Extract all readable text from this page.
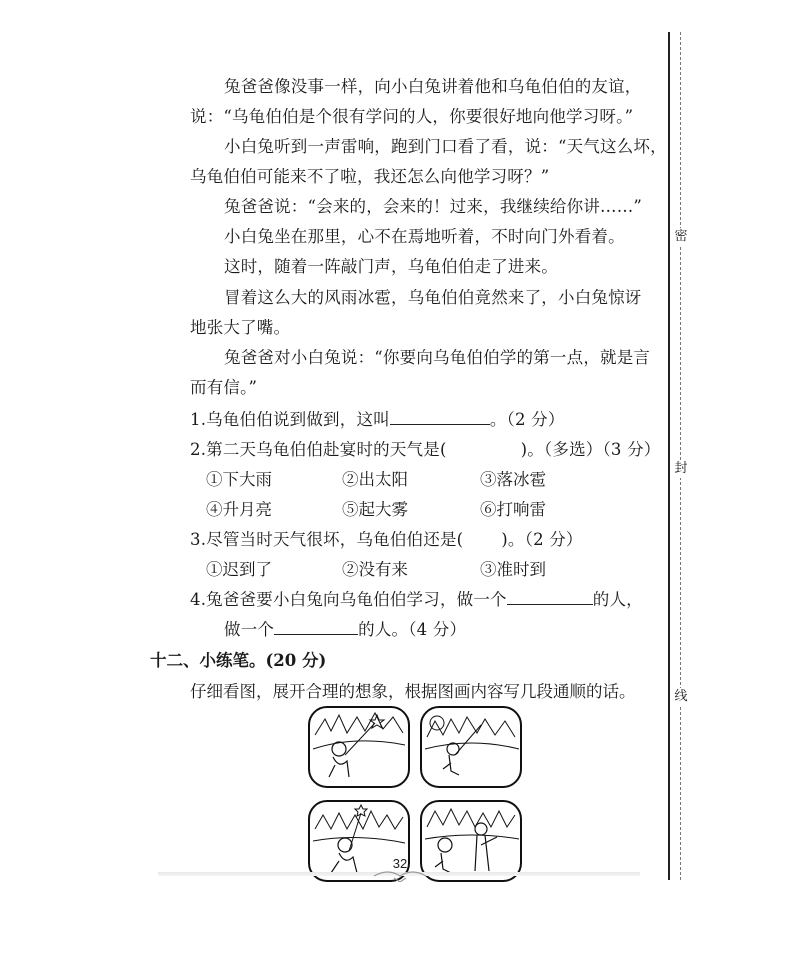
兔爸爸像没事一样，向小白兔讲着他和乌龟伯伯的友谊，
说：“乌龟伯伯是个很有学问的人，你要很好地向他学习呀。”
小白兔听到一声雷响，跑到门口看了看，说：“天气这么坏，
乌龟伯伯可能来不了啦，我还怎么向他学习呀？”
兔爸爸说：“会来的，会来的！过来，我继续给你讲……”
小白兔坐在那里，心不在焉地听着，不时向门外看着。
这时，随着一阵敲门声，乌龟伯伯走了进来。
冒着这么大的风雨冰雹，乌龟伯伯竟然来了，小白兔惊讶
地张大了嘴。
兔爸爸对小白兔说：“你要向乌龟伯伯学的第一点，就是言
而有信。”
1.乌龟伯伯说到做到，这叫	。（2 分）
2.第二天乌龟伯伯赴宴时的天气是(	)。（多选）（3 分）
①下大雨	②出太阳	③落冰雹
④升月亮	⑤起大雾	⑥打响雷
3.尽管当时天气很坏，乌龟伯伯还是( )。（2 分）
①迟到了	②没有来	③准时到
4.兔爸爸要小白兔向乌龟伯伯学习，做一个	的人，
做一个	的人。（4 分）
十二、小练笔。(20 分)
仔细看图，展开合理的想象，根据图画内容写几段通顺的话。
32
密
封
线
